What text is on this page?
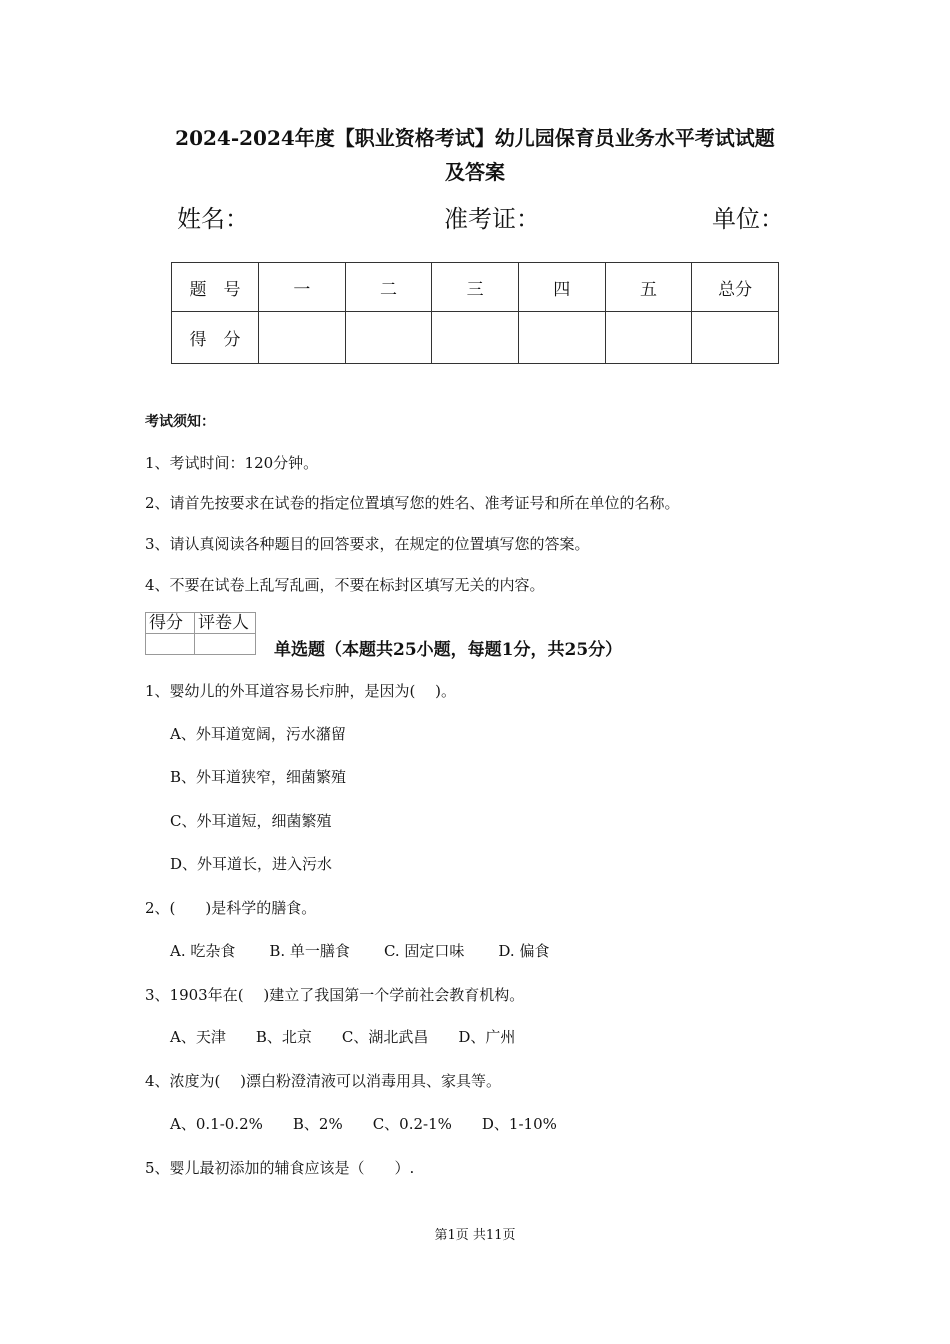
2024-2024年度【职业资格考试】幼儿园保育员业务水平考试试题
及答案
姓名：	准考证：	单位：
题　号	一	二	三	四	五	总分
得　分						
考试须知：
1、考试时间：120分钟。
2、请首先按要求在试卷的指定位置填写您的姓名、准考证号和所在单位的名称。
3、请认真阅读各种题目的回答要求，在规定的位置填写您的答案。
4、不要在试卷上乱写乱画，不要在标封区填写无关的内容。
得分	评卷人

单选题（本题共25小题，每题1分，共25分）
1、婴幼儿的外耳道容易长疖肿，是因为(　 )。
A、外耳道宽阔，污水潴留
B、外耳道狭窄，细菌繁殖
C、外耳道短，细菌繁殖
D、外耳道长，进入污水
2、(　　)是科学的膳食。
A. 吃杂食 B. 单一膳食 C. 固定口味 D. 偏食
3、1903年在(　 )建立了我国第一个学前社会教育机构。
A、天津 B、北京 C、湖北武昌 D、广州
4、浓度为(　 )漂白粉澄清液可以消毒用具、家具等。
A、0.1-0.2% B、2% C、0.2-1% D、1-10%
5、婴儿最初添加的辅食应该是（　　）.
第1页 共11页
